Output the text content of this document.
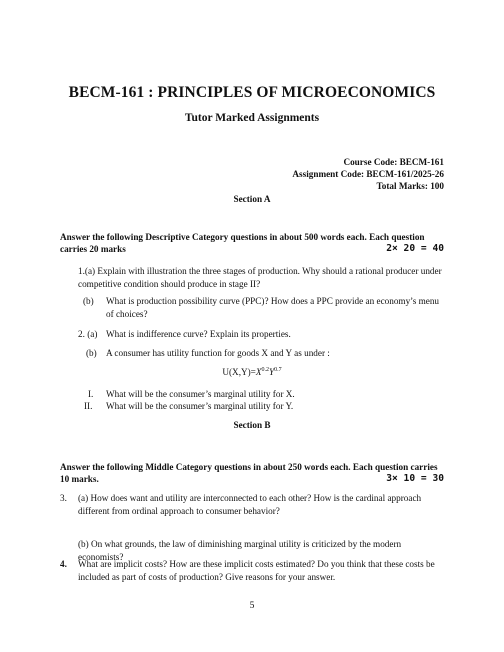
BECM-161 : PRINCIPLES OF MICROECONOMICS
Tutor Marked Assignments
Course Code: BECM-161
Assignment Code: BECM-161/2025-26
Total Marks: 100
Section A
Answer the following Descriptive Category questions in about 500 words each. Each question carries 20 marks	2× 20 = 40
1.(a) Explain with illustration the three stages of production. Why should a rational producer under competitive condition should produce in stage II?
(b) What is production possibility curve (PPC)? How does a PPC provide an economy’s menu of choices?
2. (a) What is indifference curve? Explain its properties.
(b) A consumer has utility function for goods X and Y as under :
$U(X,Y)=X^{0.2}Y^{0.7}$
I. What will be the consumer’s marginal utility for X.
II. What will be the consumer’s marginal utility for Y.
Section B
Answer the following Middle Category questions in about 250 words each. Each question carries 10 marks.	3× 10 = 30
3. (a) How does want and utility are interconnected to each other? How is the cardinal approach different from ordinal approach to consumer behavior?
(b) On what grounds, the law of diminishing marginal utility is criticized by the modern economists?
4. What are implicit costs? How are these implicit costs estimated? Do you think that these costs be included as part of costs of production? Give reasons for your answer.
5
